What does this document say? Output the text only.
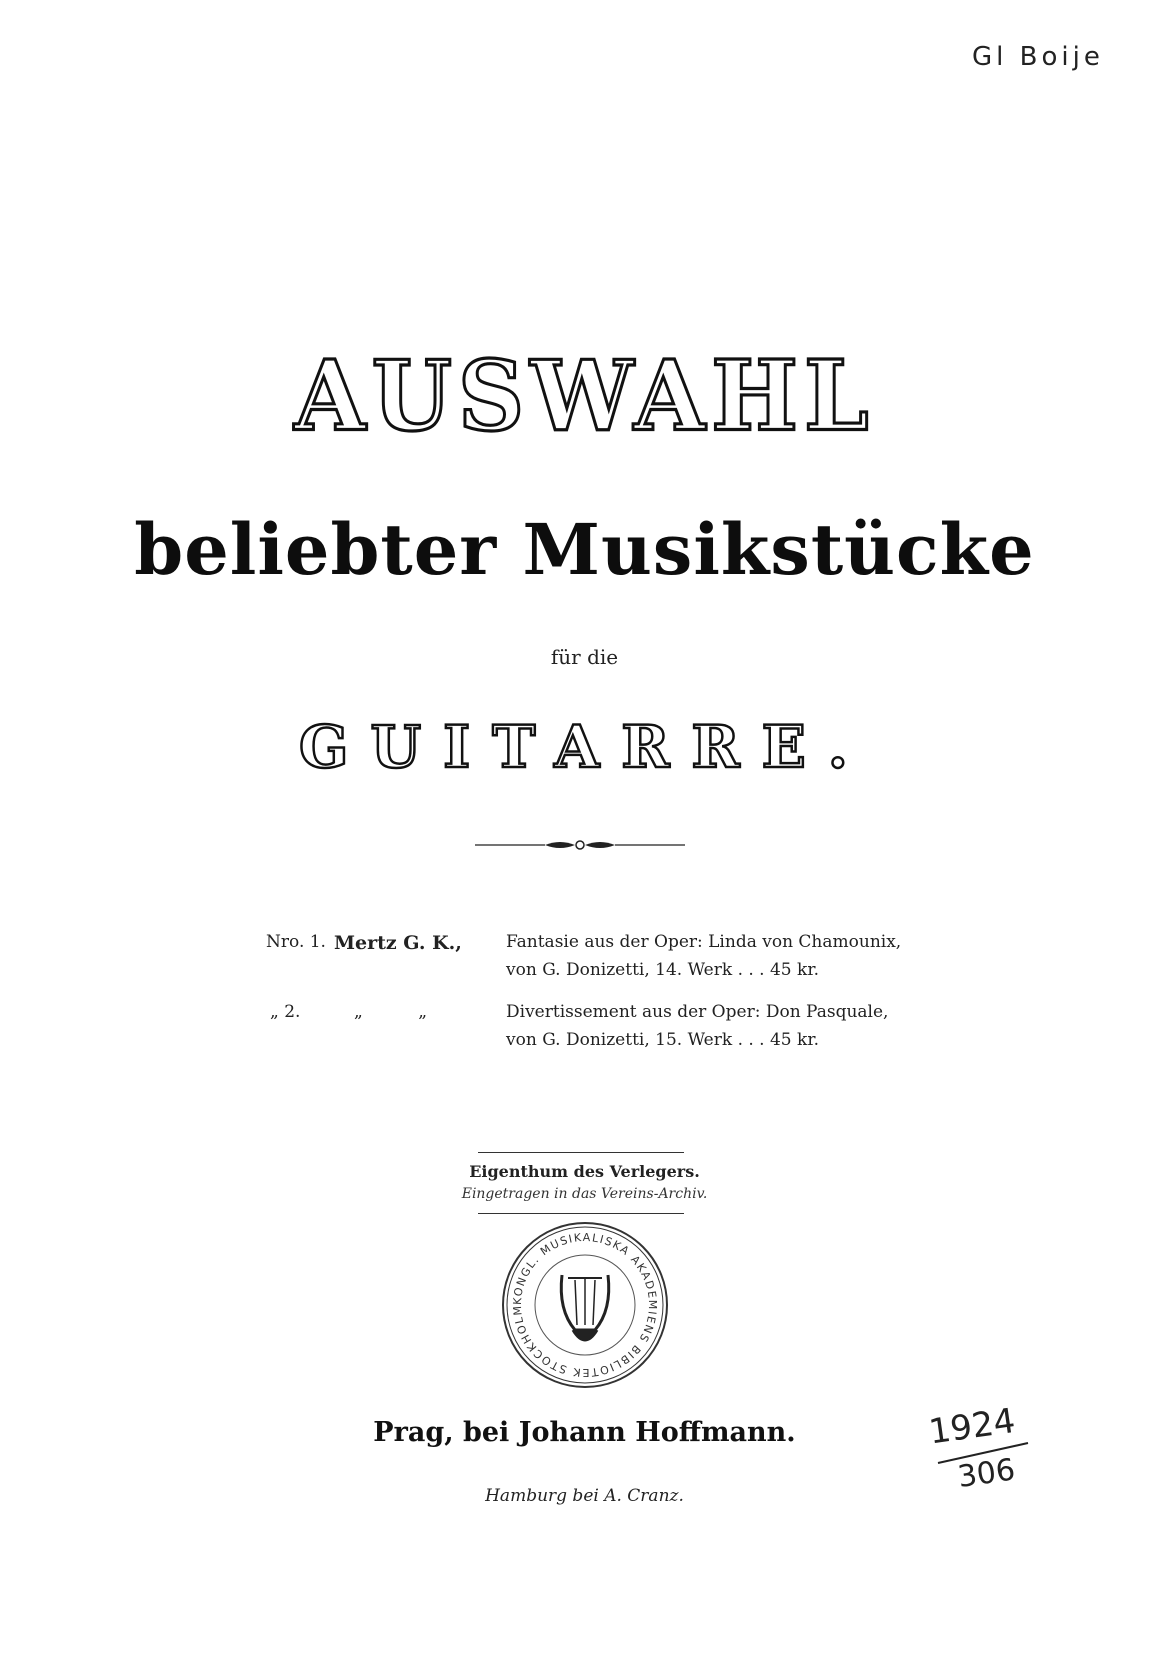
Gl Boije
AUSWAHL
beliebter Musikstücke
für die
GUITARRE.
Nro. 1. Mertz G. K.,	Fantasie aus der Oper: Linda von Chamounix,
von G. Donizetti, 14. Werk . . . 45 kr.
„ 2.	„ „	Divertissement aus der Oper: Don Pasquale,
von G. Donizetti, 15. Werk . . . 45 kr.
Eigenthum des Verlegers.
Eingetragen in das Vereins-Archiv.
KONGL. MUSIKALISKA AKADEMIENS BIBLIOTEK STOCKHOLM
Prag, bei Johann Hoffmann.
Hamburg bei A. Cranz.
1924
306
